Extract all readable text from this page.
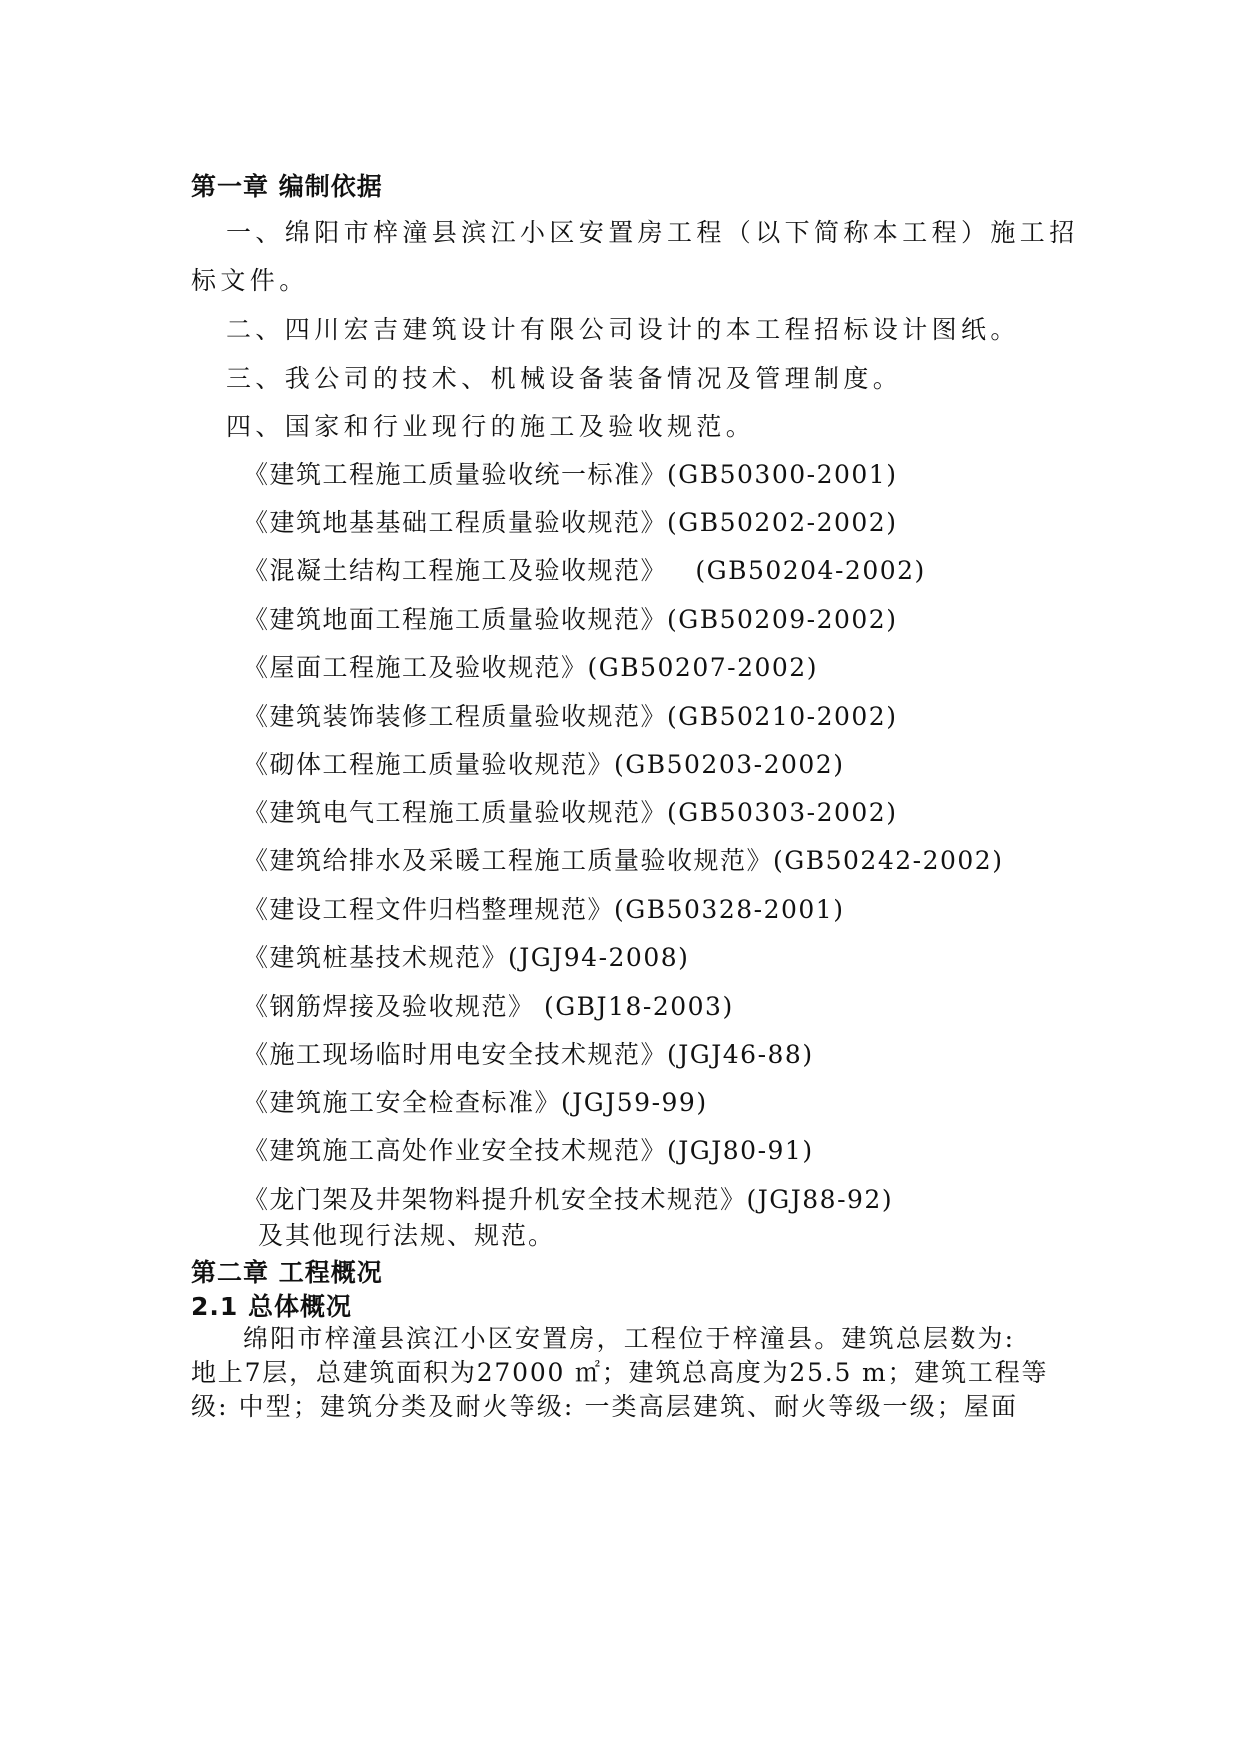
第一章 编制依据
一、绵阳市梓潼县滨江小区安置房工程（以下简称本工程）施工招
标文件。
二、四川宏吉建筑设计有限公司设计的本工程招标设计图纸。
三、我公司的技术、机械设备装备情况及管理制度。
四、国家和行业现行的施工及验收规范。
《建筑工程施工质量验收统一标准》(GB50300-2001)
《建筑地基基础工程质量验收规范》(GB50202-2002)
《混凝土结构工程施工及验收规范》   (GB50204-2002)
《建筑地面工程施工质量验收规范》(GB50209-2002)
《屋面工程施工及验收规范》(GB50207-2002)
《建筑装饰装修工程质量验收规范》(GB50210-2002)
《砌体工程施工质量验收规范》(GB50203-2002)
《建筑电气工程施工质量验收规范》(GB50303-2002)
《建筑给排水及采暖工程施工质量验收规范》(GB50242-2002)
《建设工程文件归档整理规范》(GB50328-2001)
《建筑桩基技术规范》(JGJ94-2008)
《钢筋焊接及验收规范》 (GBJ18-2003)
《施工现场临时用电安全技术规范》(JGJ46-88)
《建筑施工安全检查标准》(JGJ59-99)
《建筑施工高处作业安全技术规范》(JGJ80-91)
《龙门架及井架物料提升机安全技术规范》(JGJ88-92)
及其他现行法规、规范。
第二章 工程概况
2.1 总体概况
绵阳市梓潼县滨江小区安置房，工程位于梓潼县。建筑总层数为:
地上7层，总建筑面积为27000 ㎡；建筑总高度为25.5 m；建筑工程等
级: 中型；建筑分类及耐火等级: 一类高层建筑、耐火等级一级；屋面
